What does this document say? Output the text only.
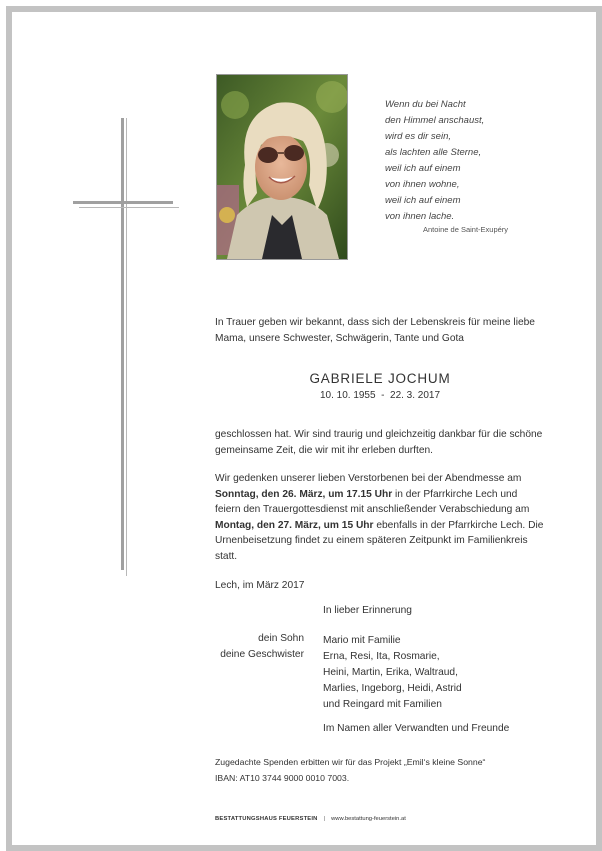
Wenn du bei Nacht
den Himmel anschaust,
wird es dir sein,
als lachten alle Sterne,
weil ich auf einem
von ihnen wohne,
weil ich auf einem
von ihnen lache.
Antoine de Saint-Exupéry
In Trauer geben wir bekannt, dass sich der Lebenskreis für meine liebe Mama, unsere Schwester, Schwägerin, Tante und Gota
GABRIELE JOCHUM
10. 10. 1955  -  22. 3. 2017
geschlossen hat. Wir sind traurig und gleichzeitig dankbar für die schöne gemeinsame Zeit, die wir mit ihr erleben durften.
Wir gedenken unserer lieben Verstorbenen bei der Abendmesse am Sonntag, den 26. März, um 17.15 Uhr in der Pfarrkirche Lech und feiern den Trauergottesdienst mit anschließender Verabschiedung am Montag, den 27. März, um 15 Uhr ebenfalls in der Pfarrkirche Lech. Die Urnenbeisetzung findet zu einem späteren Zeitpunkt im Familienkreis statt.
Lech, im März 2017
In lieber Erinnerung
dein Sohn
deine Geschwister
Mario mit Familie
Erna, Resi, Ita, Rosmarie,
Heini, Martin, Erika, Waltraud,
Marlies, Ingeborg, Heidi, Astrid
und Reingard mit Familien
Im Namen aller Verwandten und Freunde
Zugedachte Spenden erbitten wir für das Projekt „Emil‘s kleine Sonne“
IBAN: AT10 3744 9000 0010 7003.
BESTATTUNGSHAUS FEUERSTEIN | www.bestattung-feuerstein.at
